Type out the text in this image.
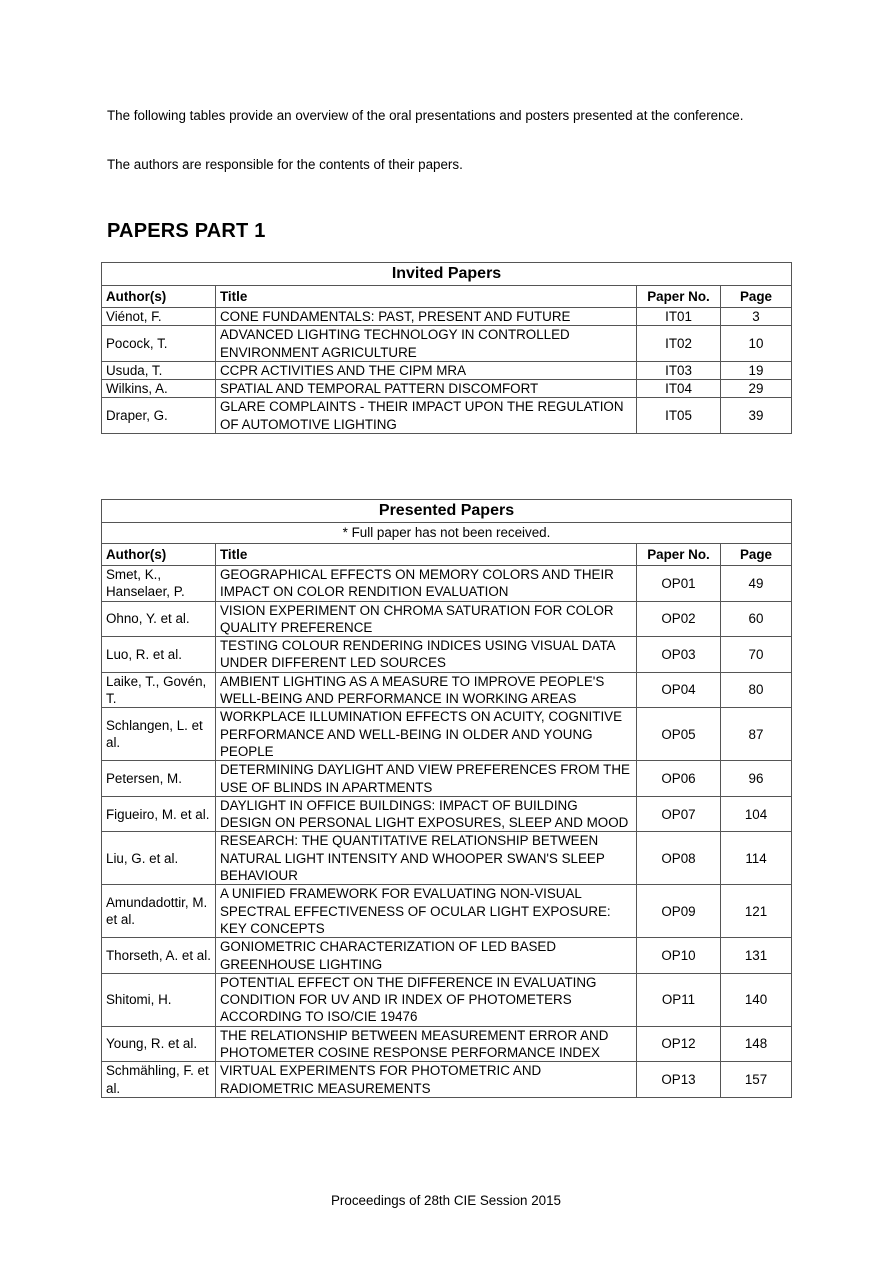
The following tables provide an overview of the oral presentations and posters presented at the conference.

The authors are responsible for the contents of their papers.

PAPERS PART 1
Invited Papers			
Author(s)	Title	Paper No.	Page
Viénot, F.	CONE FUNDAMENTALS: PAST, PRESENT AND FUTURE	IT01	3
Pocock, T.	ADVANCED LIGHTING TECHNOLOGY IN CONTROLLED ENVIRONMENT AGRICULTURE	IT02	10
Usuda, T.	CCPR ACTIVITIES AND THE CIPM MRA	IT03	19
Wilkins, A.	SPATIAL AND TEMPORAL PATTERN DISCOMFORT	IT04	29
Draper, G.	GLARE COMPLAINTS - THEIR IMPACT UPON THE REGULATION OF AUTOMOTIVE LIGHTING	IT05	39
Presented Papers			
* Full paper has not been received.			
Author(s)	Title	Paper No.	Page
Smet, K., Hanselaer, P.	GEOGRAPHICAL EFFECTS ON MEMORY COLORS AND THEIR IMPACT ON COLOR RENDITION EVALUATION	OP01	49
Ohno, Y. et al.	VISION EXPERIMENT ON CHROMA SATURATION FOR COLOR QUALITY PREFERENCE	OP02	60
Luo, R. et al.	TESTING COLOUR RENDERING INDICES USING VISUAL DATA UNDER DIFFERENT LED SOURCES	OP03	70
Laike, T., Govén, T.	AMBIENT LIGHTING AS A MEASURE TO IMPROVE PEOPLE'S WELL-BEING AND PERFORMANCE IN WORKING AREAS	OP04	80
Schlangen, L. et al.	WORKPLACE ILLUMINATION EFFECTS ON ACUITY, COGNITIVE PERFORMANCE AND WELL-BEING IN OLDER AND YOUNG PEOPLE	OP05	87
Petersen, M.	DETERMINING DAYLIGHT AND VIEW PREFERENCES FROM THE USE OF BLINDS IN APARTMENTS	OP06	96
Figueiro, M. et al.	DAYLIGHT IN OFFICE BUILDINGS: IMPACT OF BUILDING DESIGN ON PERSONAL LIGHT EXPOSURES, SLEEP AND MOOD	OP07	104
Liu, G. et al.	RESEARCH: THE QUANTITATIVE RELATIONSHIP BETWEEN NATURAL LIGHT INTENSITY AND WHOOPER SWAN'S SLEEP BEHAVIOUR	OP08	114
Amundadottir, M. et al.	A UNIFIED FRAMEWORK FOR EVALUATING NON-VISUAL SPECTRAL EFFECTIVENESS OF OCULAR LIGHT EXPOSURE: KEY CONCEPTS	OP09	121
Thorseth, A. et al.	GONIOMETRIC CHARACTERIZATION OF LED BASED GREENHOUSE LIGHTING	OP10	131
Shitomi, H.	POTENTIAL EFFECT ON THE DIFFERENCE IN EVALUATING CONDITION FOR UV AND IR INDEX OF PHOTOMETERS ACCORDING TO ISO/CIE 19476	OP11	140
Young, R. et al.	THE RELATIONSHIP BETWEEN MEASUREMENT ERROR AND PHOTOMETER COSINE RESPONSE PERFORMANCE INDEX	OP12	148
Schmähling, F. et al.	VIRTUAL EXPERIMENTS FOR PHOTOMETRIC AND RADIOMETRIC MEASUREMENTS	OP13	157
Proceedings of 28th CIE Session 2015
